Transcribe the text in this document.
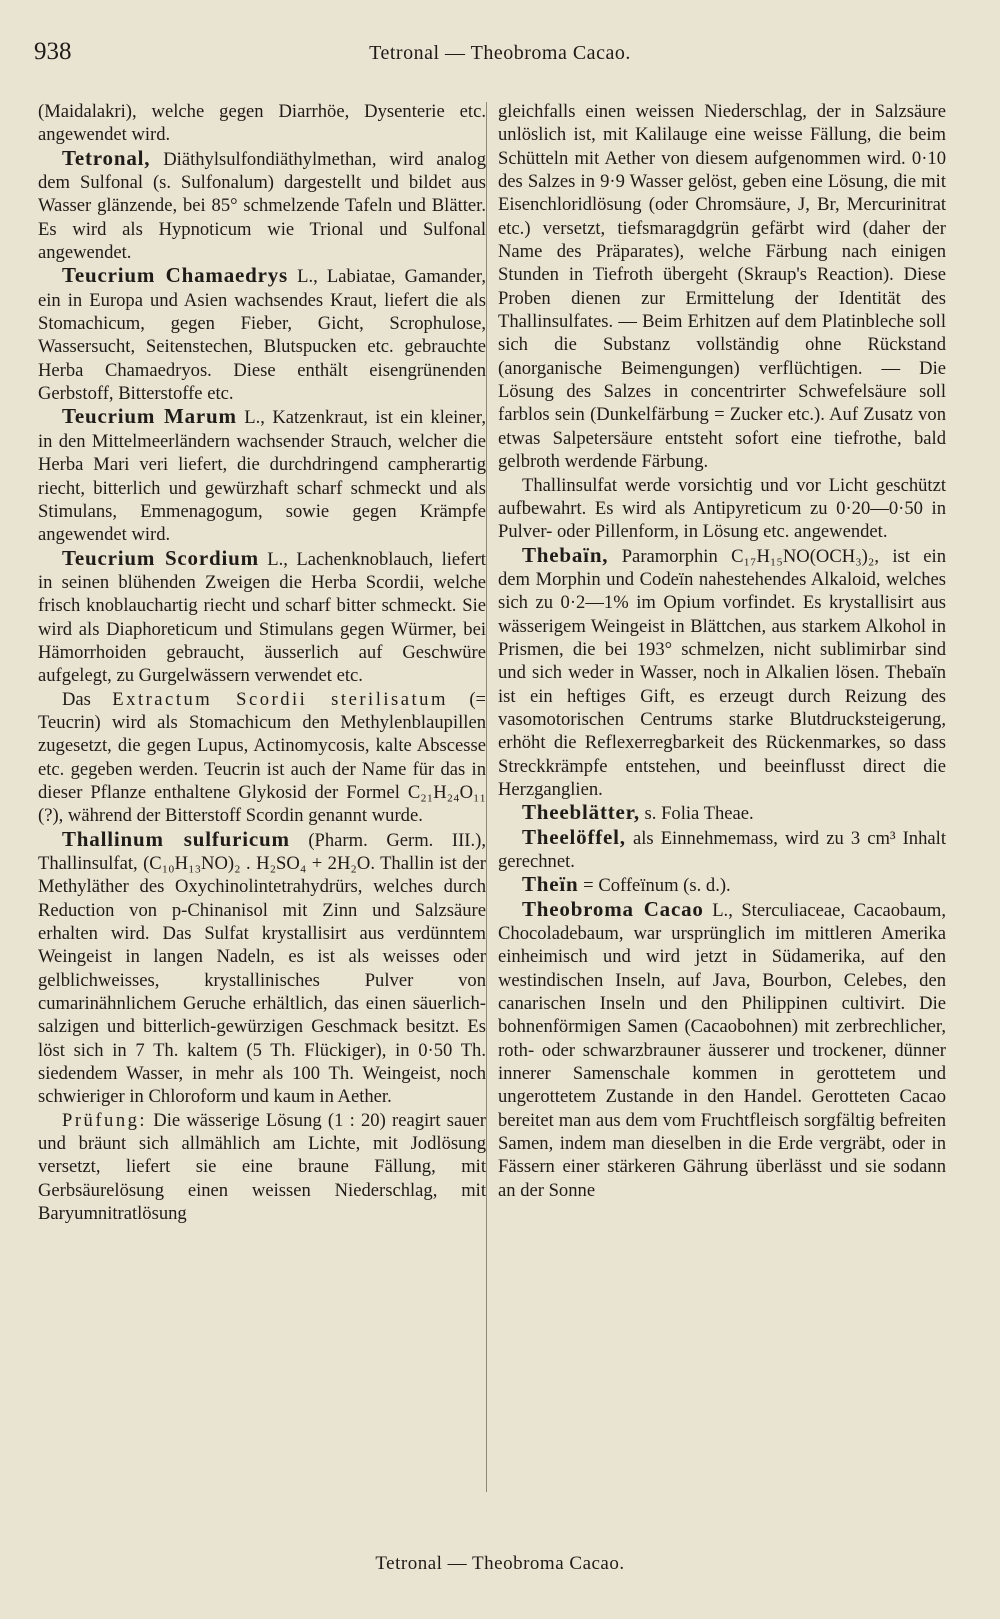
938	Tetronal — Theobroma Cacao.

(Maidalakri), welche gegen Diarrhöe, Dysenterie etc. angewendet wird.

Tetronal, Diäthylsulfondiäthylmethan, wird analog dem Sulfonal (s. Sulfonalum) dargestellt und bildet aus Wasser glänzende, bei 85° schmelzende Tafeln und Blätter. Es wird als Hypnoticum wie Trional und Sulfonal angewendet.

Teucrium Chamaedrys L., Labiatae, Gamander, ein in Europa und Asien wachsendes Kraut, liefert die als Stomachicum, gegen Fieber, Gicht, Scrophulose, Wassersucht, Seitenstechen, Blutspucken etc. gebrauchte Herba Chamaedryos. Diese enthält eisengrünenden Gerbstoff, Bitterstoffe etc.

Teucrium Marum L., Katzenkraut, ist ein kleiner, in den Mittelmeerländern wachsender Strauch, welcher die Herba Mari veri liefert, die durchdringend campherartig riecht, bitterlich und gewürzhaft scharf schmeckt und als Stimulans, Emmenagogum, sowie gegen Krämpfe angewendet wird.

Teucrium Scordium L., Lachenknoblauch, liefert in seinen blühenden Zweigen die Herba Scordii, welche frisch knoblauchartig riecht und scharf bitter schmeckt. Sie wird als Diaphoreticum und Stimulans gegen Würmer, bei Hämorrhoiden gebraucht, äusserlich auf Geschwüre aufgelegt, zu Gurgelwässern verwendet etc.

Das Extractum Scordii sterilisatum (= Teucrin) wird als Stomachicum den Methylenblaupillen zugesetzt, die gegen Lupus, Actinomycosis, kalte Abscesse etc. gegeben werden. Teucrin ist auch der Name für das in dieser Pflanze enthaltene Glykosid der Formel C₂₁H₂₄O₁₁ (?), während der Bitterstoff Scordin genannt wurde.

Thallinum sulfuricum (Pharm. Germ. III.), Thallinsulfat, (C₁₀H₁₃NO)₂ . H₂SO₄ + 2H₂O. Thallin ist der Methyläther des Oxychinolintetrahydrürs, welches durch Reduction von p-Chinanisol mit Zinn und Salzsäure erhalten wird. Das Sulfat krystallisirt aus verdünntem Weingeist in langen Nadeln, es ist als weisses oder gelblichweisses, krystallinisches Pulver von cumarinähnlichem Geruche erhältlich, das einen säuerlich-salzigen und bitterlich-gewürzigen Geschmack besitzt. Es löst sich in 7 Th. kaltem (5 Th. Flückiger), in 0·50 Th. siedendem Wasser, in mehr als 100 Th. Weingeist, noch schwieriger in Chloroform und kaum in Aether.

Prüfung: Die wässerige Lösung (1 : 20) reagirt sauer und bräunt sich allmählich am Lichte, mit Jodlösung versetzt, liefert sie eine braune Fällung, mit Gerbsäurelösung einen weissen Niederschlag, mit Baryumnitratlösung

gleichfalls einen weissen Niederschlag, der in Salzsäure unlöslich ist, mit Kalilauge eine weisse Fällung, die beim Schütteln mit Aether von diesem aufgenommen wird. 0·10 des Salzes in 9·9 Wasser gelöst, geben eine Lösung, die mit Eisenchloridlösung (oder Chromsäure, J, Br, Mercurinitrat etc.) versetzt, tiefsmaragdgrün gefärbt wird (daher der Name des Präparates), welche Färbung nach einigen Stunden in Tiefroth übergeht (Skraup's Reaction). Diese Proben dienen zur Ermittelung der Identität des Thallinsulfates. — Beim Erhitzen auf dem Platinbleche soll sich die Substanz vollständig ohne Rückstand (anorganische Beimengungen) verflüchtigen. — Die Lösung des Salzes in concentrirter Schwefelsäure soll farblos sein (Dunkelfärbung = Zucker etc.). Auf Zusatz von etwas Salpetersäure entsteht sofort eine tiefrothe, bald gelbroth werdende Färbung.

Thallinsulfat werde vorsichtig und vor Licht geschützt aufbewahrt. Es wird als Antipyreticum zu 0·20—0·50 in Pulver- oder Pillenform, in Lösung etc. angewendet.

Thebaïn, Paramorphin C₁₇H₁₅NO(OCH₃)₂, ist ein dem Morphin und Codeïn nahestehendes Alkaloid, welches sich zu 0·2—1% im Opium vorfindet. Es krystallisirt aus wässerigem Weingeist in Blättchen, aus starkem Alkohol in Prismen, die bei 193° schmelzen, nicht sublimirbar sind und sich weder in Wasser, noch in Alkalien lösen. Thebaïn ist ein heftiges Gift, es erzeugt durch Reizung des vasomotorischen Centrums starke Blutdrucksteigerung, erhöht die Reflexerregbarkeit des Rückenmarkes, so dass Streckkrämpfe entstehen, und beeinflusst direct die Herzganglien.

Theeblätter, s. Folia Theae.

Theelöffel, als Einnehmemass, wird zu 3 cm³ Inhalt gerechnet.

Theïn = Coffeïnum (s. d.).

Theobroma Cacao L., Sterculiaceae, Cacaobaum, Chocoladebaum, war ursprünglich im mittleren Amerika einheimisch und wird jetzt in Südamerika, auf den westindischen Inseln, auf Java, Bourbon, Celebes, den canarischen Inseln und den Philippinen cultivirt. Die bohnenförmigen Samen (Cacaobohnen) mit zerbrechlicher, roth- oder schwarzbrauner äusserer und trockener, dünner innerer Samenschale kommen in gerottetem und ungerottetem Zustande in den Handel. Gerotteten Cacao bereitet man aus dem vom Fruchtfleisch sorgfältig befreiten Samen, indem man dieselben in die Erde vergräbt, oder in Fässern einer stärkeren Gährung überlässt und sie sodann an der Sonne

Tetronal — Theobroma Cacao.
